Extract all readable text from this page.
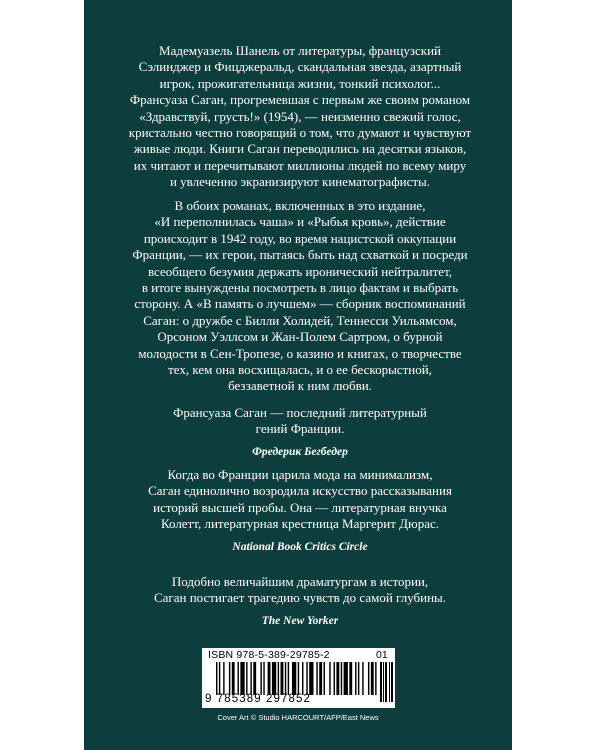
Мадемуазель Шанель от литературы, французский
Сэлинджер и Фицджеральд, скандальная звезда, азартный
игрок, прожигательница жизни, тонкий психолог...
Франсуаза Саган, прогремевшая с первым же своим романом
«Здравствуй, грусть!» (1954), — неизменно свежий голос,
кристально честно говорящий о том, что думают и чувствуют
живые люди. Книги Саган переводились на десятки языков,
их читают и перечитывают миллионы людей по всему миру
и увлеченно экранизируют кинематографисты.
В обоих романах, включенных в это издание,
«И переполнилась чаша» и «Рыбья кровь», действие
происходит в 1942 году, во время нацистской оккупации
Франции, — их герои, пытаясь быть над схваткой и посреди
всеобщего безумия держать иронический нейтралитет,
в итоге вынуждены посмотреть в лицо фактам и выбрать
сторону. А «В память о лучшем» — сборник воспоминаний
Саган: о дружбе с Билли Холидей, Теннесси Уильямсом,
Орсоном Уэллсом и Жан-Полем Сартром, о бурной
молодости в Сен-Тропезе, о казино и книгах, о творчестве
тех, кем она восхищалась, и о ее бескорыстной,
беззаветной к ним любви.
Франсуаза Саган — последний литературный
гений Франции.
Фредерик Бегбедер
Когда во Франции царила мода на минимализм,
Саган единолично возродила искусство рассказывания
историй высшей пробы. Она — литературная внучка
Колетт, литературная крестница Маргерит Дюрас.
National Book Critics Circle
Подобно величайшим драматургам в истории,
Саган постигает трагедию чувств до самой глубины.
The New Yorker
ISBN 978-5-389-29785-2	01
9 785389 297852
Cover Art © Studio HARCOURT/AFP/East News
